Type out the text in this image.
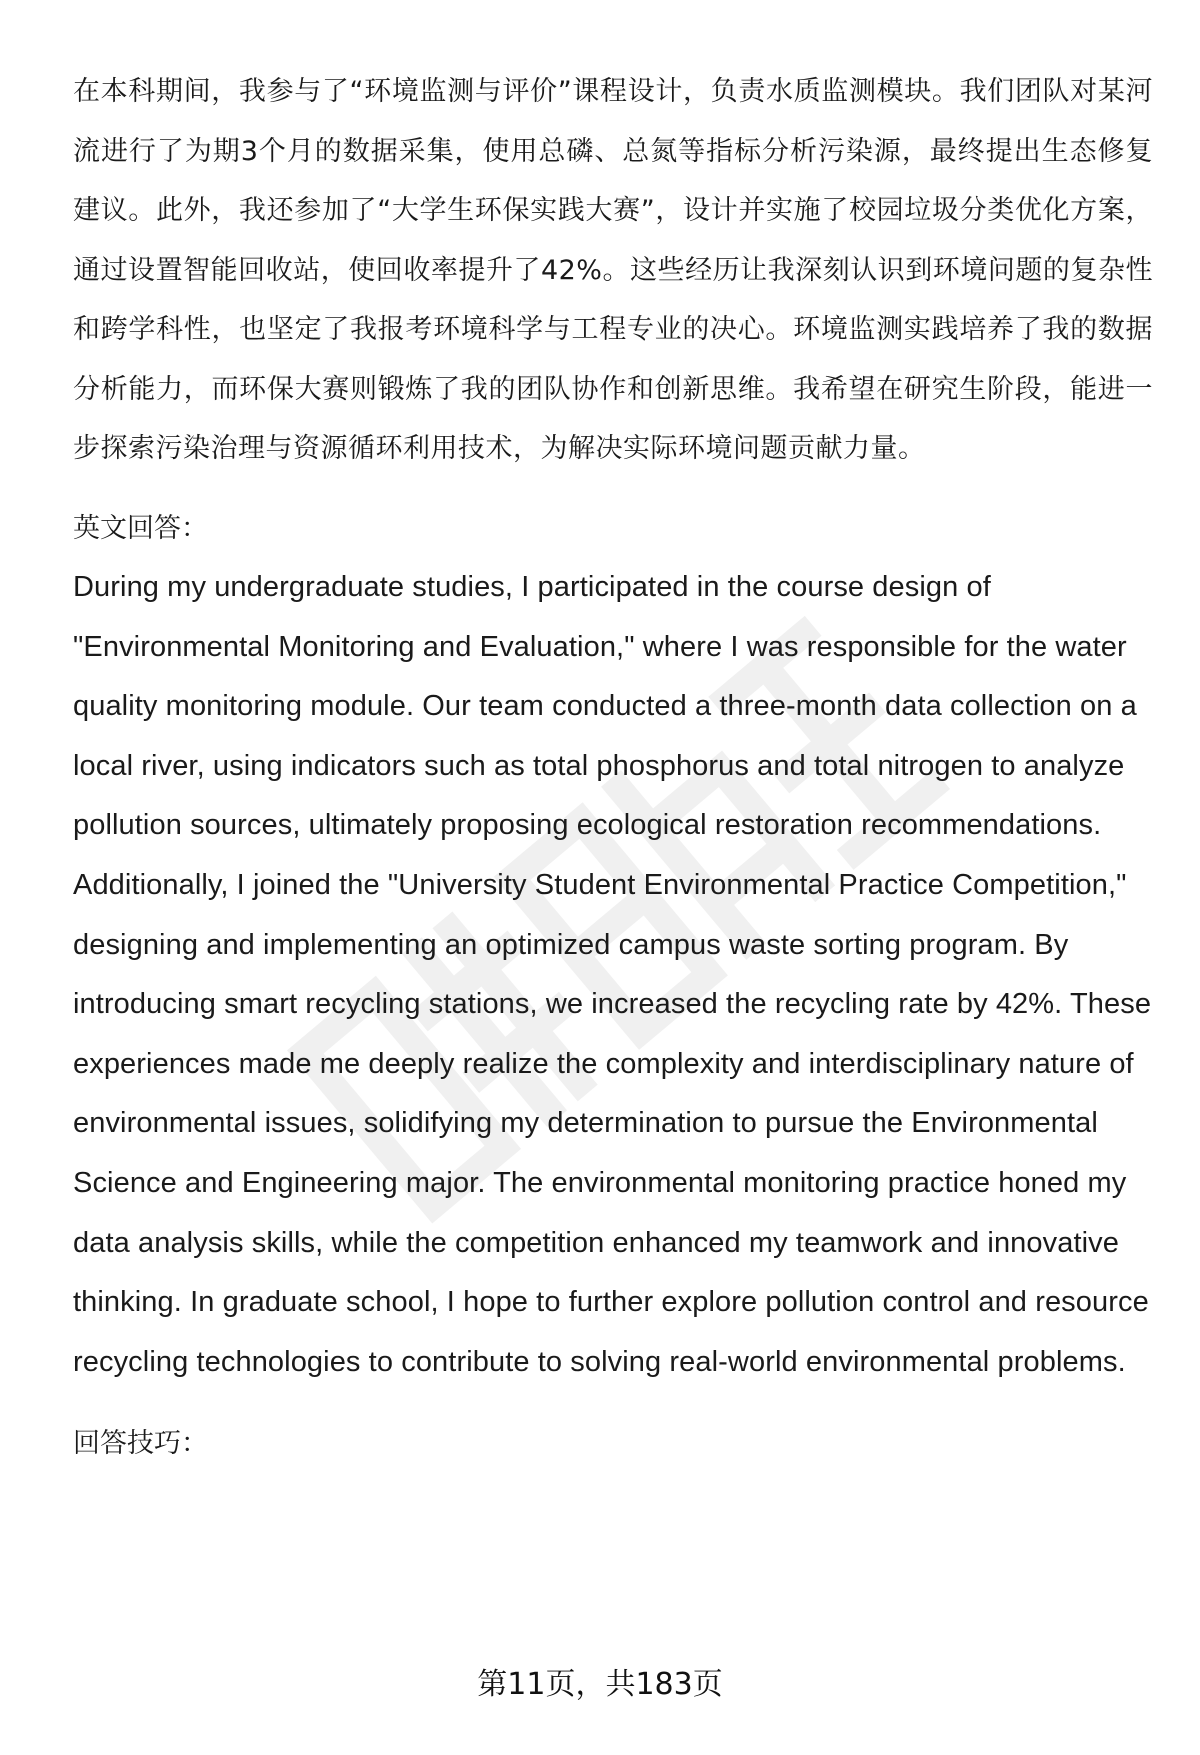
在本科期间，我参与了“环境监测与评价”课程设计，负责水质监测模块。我们团队对某河流进行了为期3个月的数据采集，使用总磷、总氮等指标分析污染源，最终提出生态修复建议。此外，我还参加了“大学生环保实践大赛”，设计并实施了校园垃圾分类优化方案，通过设置智能回收站，使回收率提升了42%。这些经历让我深刻认识到环境问题的复杂性和跨学科性，也坚定了我报考环境科学与工程专业的决心。环境监测实践培养了我的数据分析能力，而环保大赛则锻炼了我的团队协作和创新思维。我希望在研究生阶段，能进一步探索污染治理与资源循环利用技术，为解决实际环境问题贡献力量。

英文回答：

During my undergraduate studies, I participated in the course design of "Environmental Monitoring and Evaluation," where I was responsible for the water quality monitoring module. Our team conducted a three-month data collection on a local river, using indicators such as total phosphorus and total nitrogen to analyze pollution sources, ultimately proposing ecological restoration recommendations. Additionally, I joined the "University Student Environmental Practice Competition," designing and implementing an optimized campus waste sorting program. By introducing smart recycling stations, we increased the recycling rate by 42%. These experiences made me deeply realize the complexity and interdisciplinary nature of environmental issues, solidifying my determination to pursue the Environmental Science and Engineering major. The environmental monitoring practice honed my data analysis skills, while the competition enhanced my teamwork and innovative thinking. In graduate school, I hope to further explore pollution control and resource recycling technologies to contribute to solving real-world environmental problems.

回答技巧：

第11页，共183页
